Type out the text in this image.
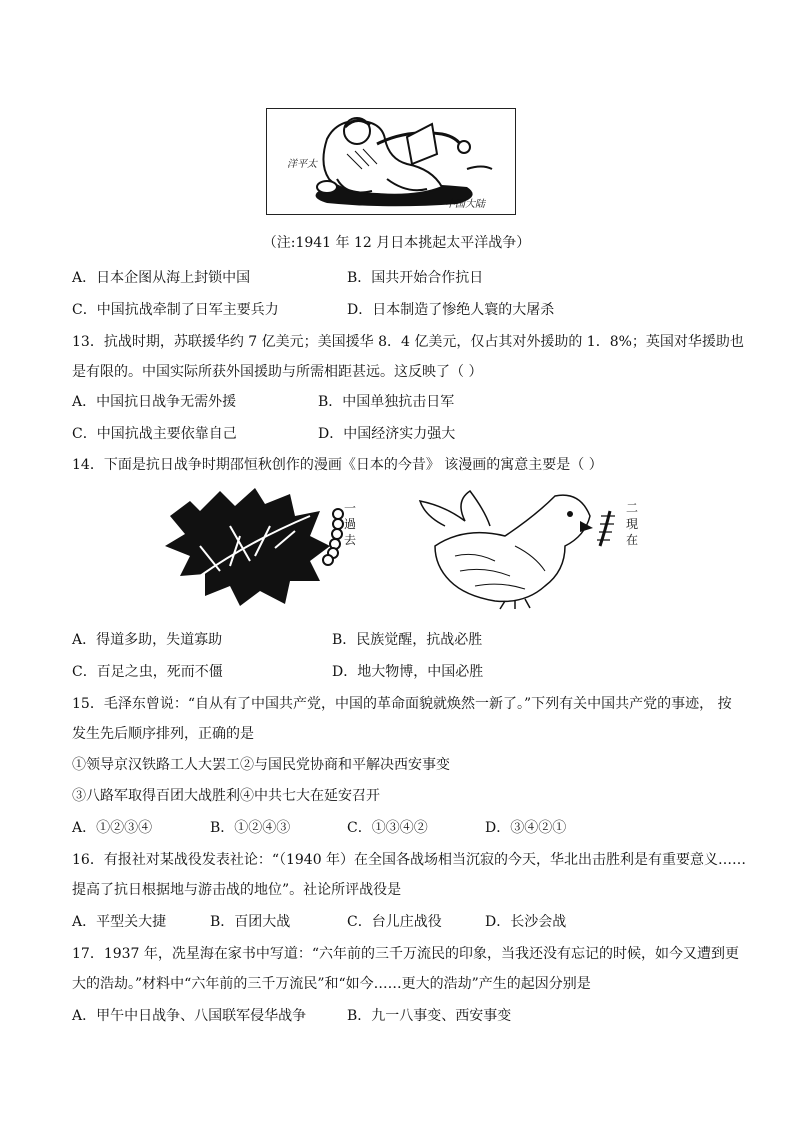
洋平太
中国大陆
（注:1941 年 12 月日本挑起太平洋战争）
A．日本企图从海上封锁中国	B．国共开始合作抗日
C．中国抗战牵制了日军主要兵力	D．日本制造了惨绝人寰的大屠杀
13．抗战时期，苏联援华约 7 亿美元；美国援华 8．4 亿美元，仅占其对外援助的 1．8%；英国对华援助也
是有限的。中国实际所获外国援助与所需相距甚远。这反映了（ ）
A．中国抗日战争无需外援	B．中国单独抗击日军
C．中国抗战主要依靠自己	D．中国经济实力强大
14．下面是抗日战争时期邵恒秋创作的漫画《日本的今昔》 该漫画的寓意主要是（ ）
一
過
去
二
現
在
A．得道多助，失道寡助	B．民族觉醒，抗战必胜
C．百足之虫，死而不僵	D．地大物博，中国必胜
15．毛泽东曾说：“自从有了中国共产党，中国的革命面貌就焕然一新了。”下列有关中国共产党的事迹， 按
发生先后顺序排列，正确的是
①领导京汉铁路工人大罢工②与国民党协商和平解决西安事变
③八路军取得百团大战胜利④中共七大在延安召开
A．①②③④	B．①②④③	C．①③④②	D．③④②①
16．有报社对某战役发表社论：“（1940 年）在全国各战场相当沉寂的今天，华北出击胜利是有重要意义……
提高了抗日根据地与游击战的地位”。社论所评战役是
A．平型关大捷	B．百团大战	C．台儿庄战役	D．长沙会战
17．1937 年，冼星海在家书中写道：“六年前的三千万流民的印象，当我还没有忘记的时候，如今又遭到更
大的浩劫。”材料中“六年前的三千万流民”和“如今……更大的浩劫”产生的起因分别是
A．甲午中日战争、八国联军侵华战争	B．九一八事变、西安事变
